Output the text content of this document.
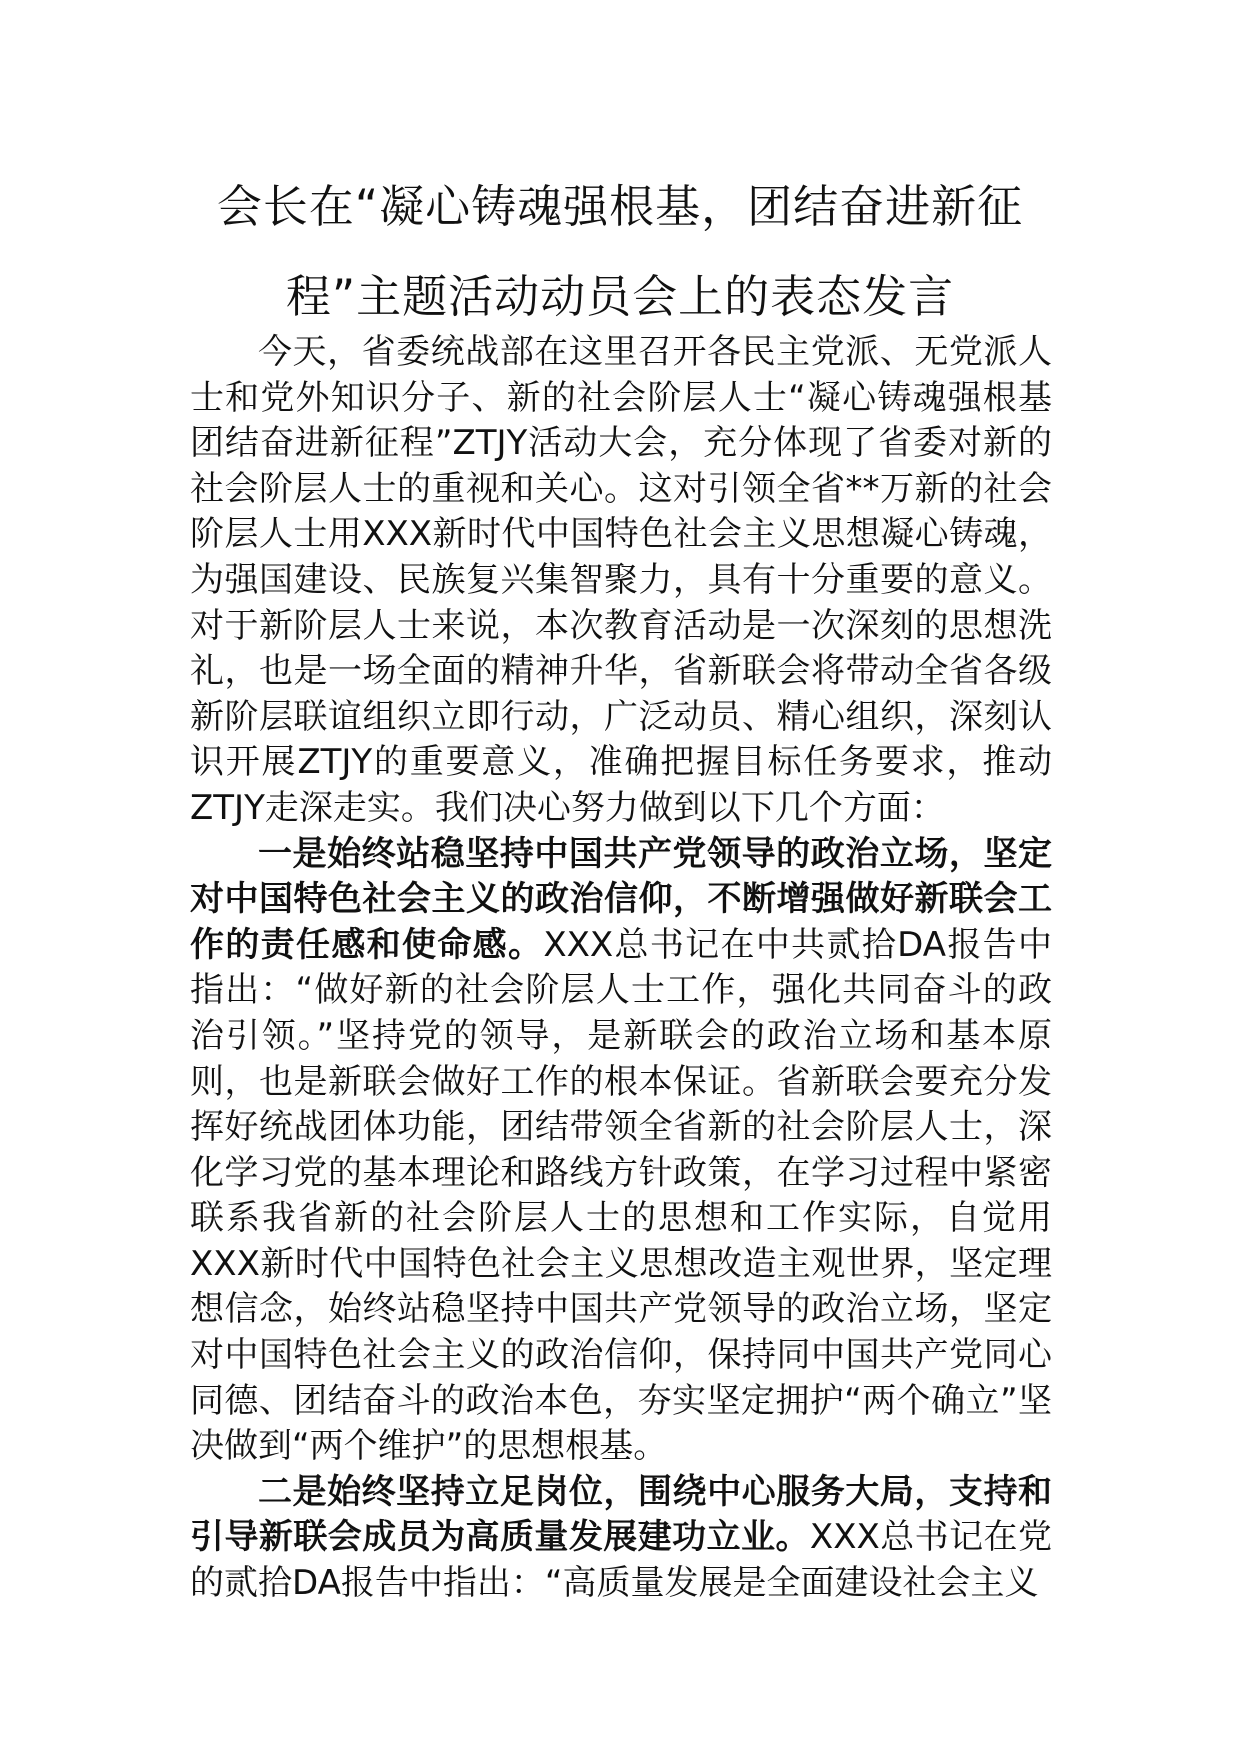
会长在“凝心铸魂强根基，团结奋进新征
程”主题活动动员会上的表态发言

今天，省委统战部在这里召开各民主党派、无党派人士和党外知识分子、新的社会阶层人士“凝心铸魂强根基团结奋进新征程”ZTJY活动大会，充分体现了省委对新的社会阶层人士的重视和关心。这对引领全省**万新的社会阶层人士用XXX新时代中国特色社会主义思想凝心铸魂，为强国建设、民族复兴集智聚力，具有十分重要的意义。对于新阶层人士来说，本次教育活动是一次深刻的思想洗礼，也是一场全面的精神升华，省新联会将带动全省各级新阶层联谊组织立即行动，广泛动员、精心组织，深刻认识开展ZTJY的重要意义，准确把握目标任务要求，推动ZTJY走深走实。我们决心努力做到以下几个方面：

一是始终站稳坚持中国共产党领导的政治立场，坚定对中国特色社会主义的政治信仰，不断增强做好新联会工作的责任感和使命感。XXX总书记在中共贰拾DA报告中指出：“做好新的社会阶层人士工作，强化共同奋斗的政治引领。”坚持党的领导，是新联会的政治立场和基本原则，也是新联会做好工作的根本保证。省新联会要充分发挥好统战团体功能，团结带领全省新的社会阶层人士，深化学习党的基本理论和路线方针政策，在学习过程中紧密联系我省新的社会阶层人士的思想和工作实际，自觉用XXX新时代中国特色社会主义思想改造主观世界，坚定理想信念，始终站稳坚持中国共产党领导的政治立场，坚定对中国特色社会主义的政治信仰，保持同中国共产党同心同德、团结奋斗的政治本色，夯实坚定拥护“两个确立”坚决做到“两个维护”的思想根基。

二是始终坚持立足岗位，围绕中心服务大局，支持和引导新联会成员为高质量发展建功立业。XXX总书记在党的贰拾DA报告中指出：“高质量发展是全面建设社会主义
